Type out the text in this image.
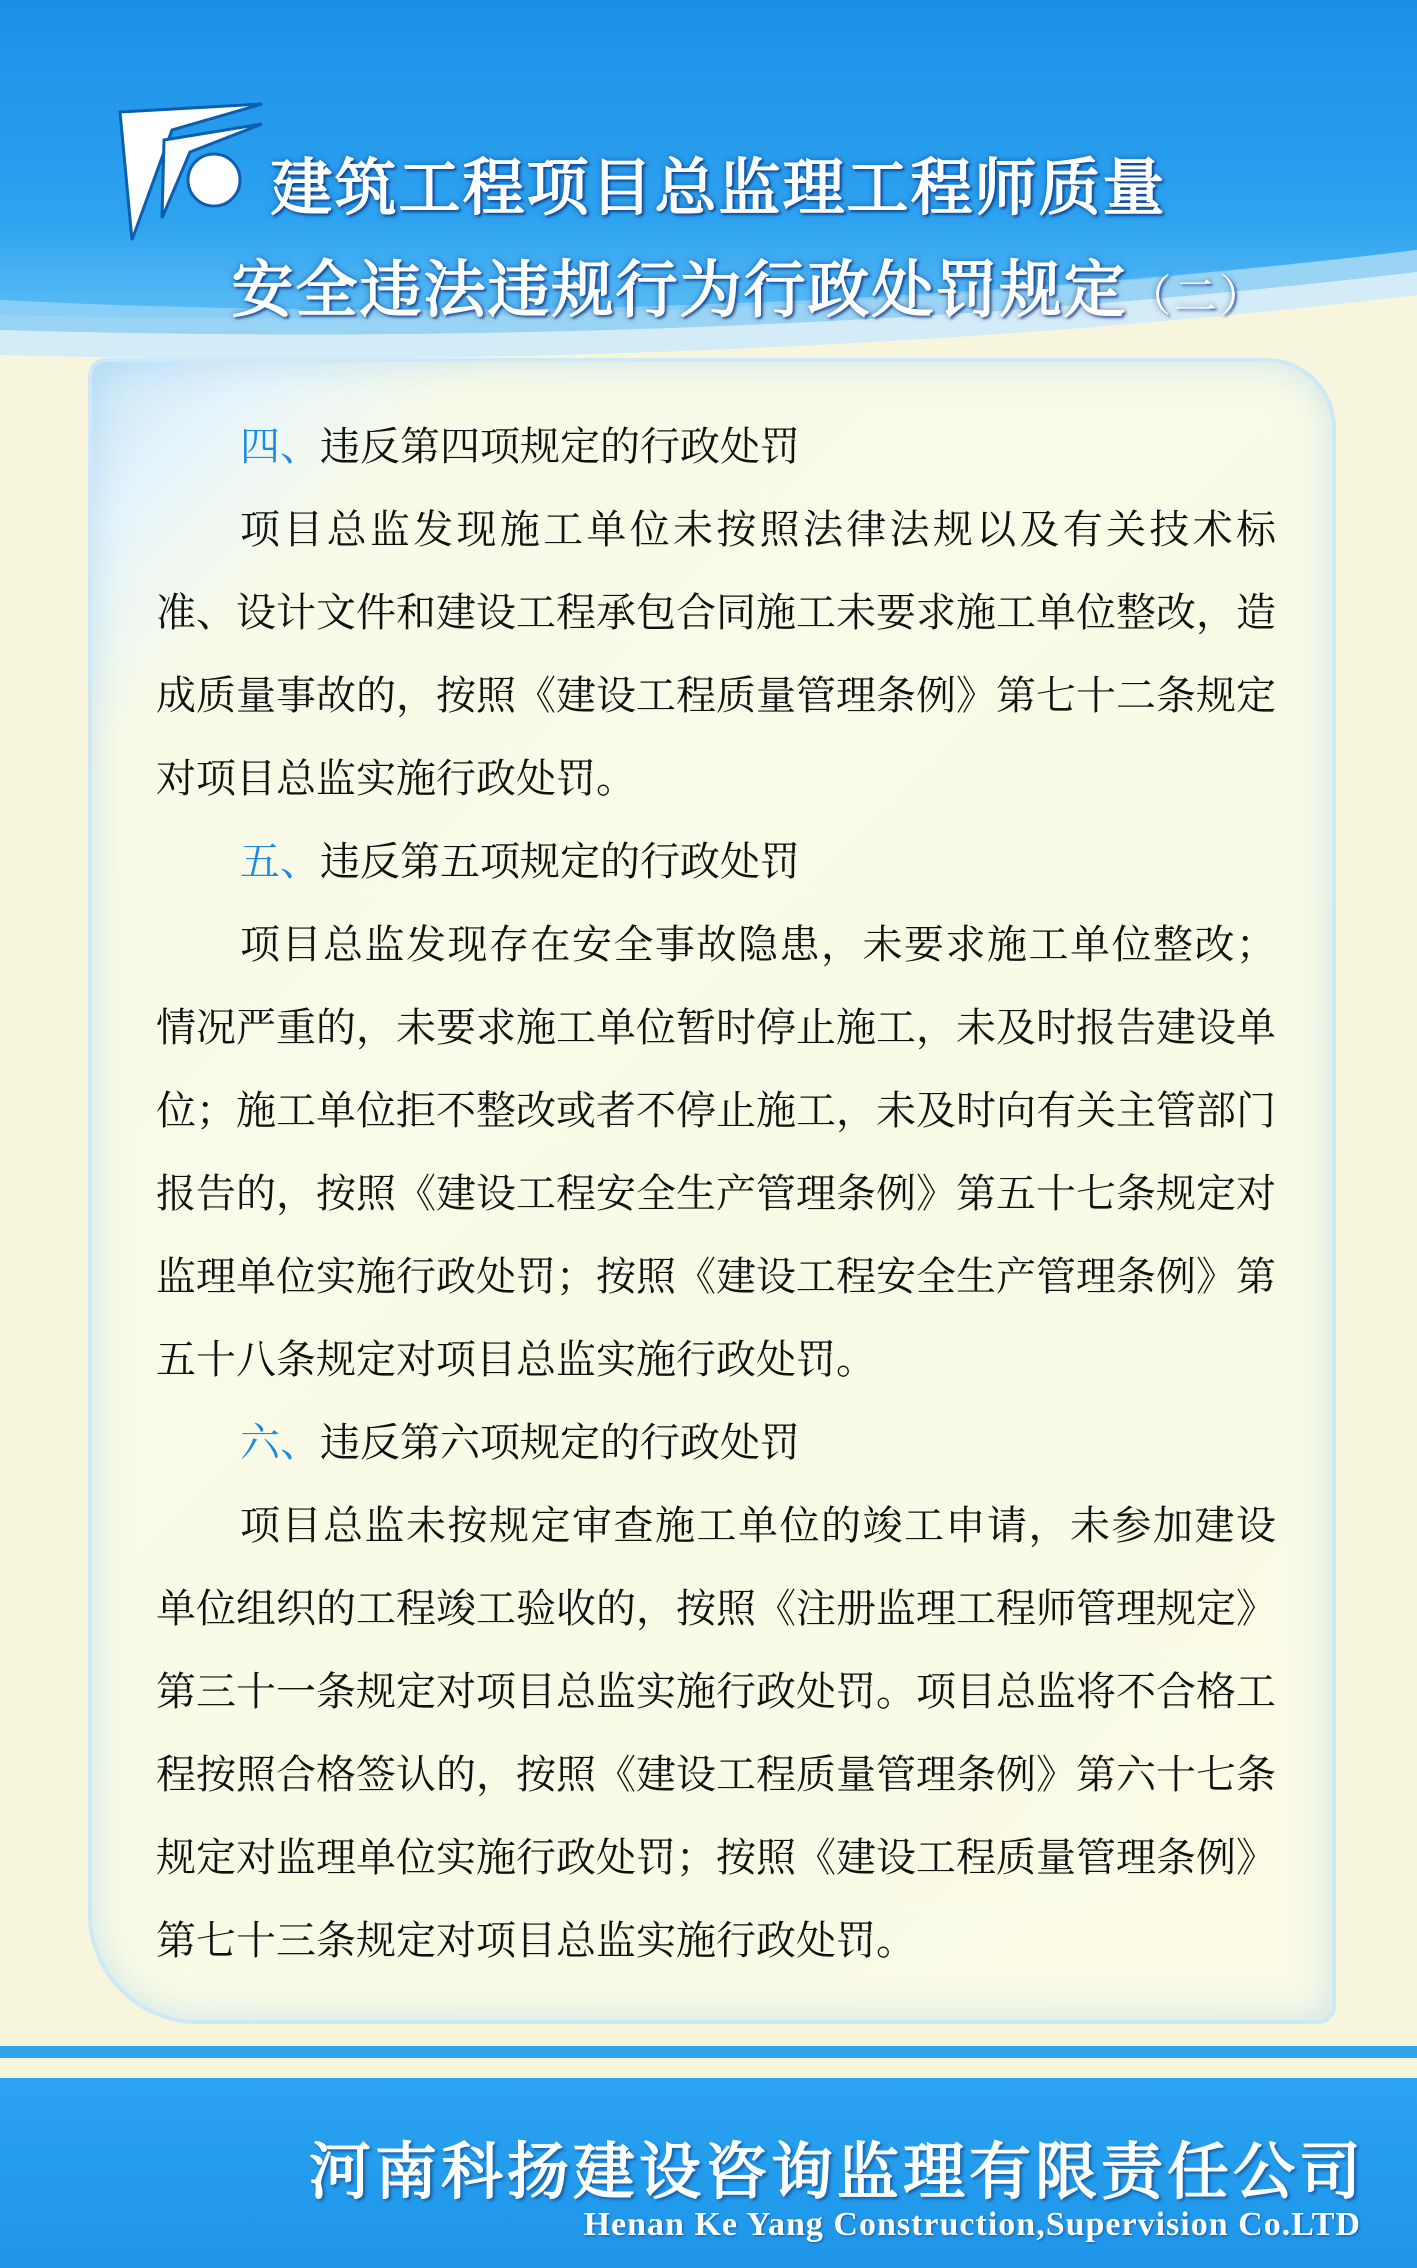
建筑工程项目总监理工程师质量
安全违法违规行为行政处罚规定（二）

四、违反第四项规定的行政处罚

项目总监发现施工单位未按照法律法规以及有关技术标准、设计文件和建设工程承包合同施工未要求施工单位整改，造成质量事故的，按照《建设工程质量管理条例》第七十二条规定对项目总监实施行政处罚。

五、违反第五项规定的行政处罚

项目总监发现存在安全事故隐患，未要求施工单位整改；情况严重的，未要求施工单位暂时停止施工，未及时报告建设单位；施工单位拒不整改或者不停止施工，未及时向有关主管部门报告的，按照《建设工程安全生产管理条例》第五十七条规定对监理单位实施行政处罚；按照《建设工程安全生产管理条例》第五十八条规定对项目总监实施行政处罚。

六、违反第六项规定的行政处罚

项目总监未按规定审查施工单位的竣工申请，未参加建设单位组织的工程竣工验收的，按照《注册监理工程师管理规定》第三十一条规定对项目总监实施行政处罚。项目总监将不合格工程按照合格签认的，按照《建设工程质量管理条例》第六十七条规定对监理单位实施行政处罚；按照《建设工程质量管理条例》第七十三条规定对项目总监实施行政处罚。

河南科扬建设咨询监理有限责任公司
Henan Ke Yang Construction,Supervision Co.LTD
